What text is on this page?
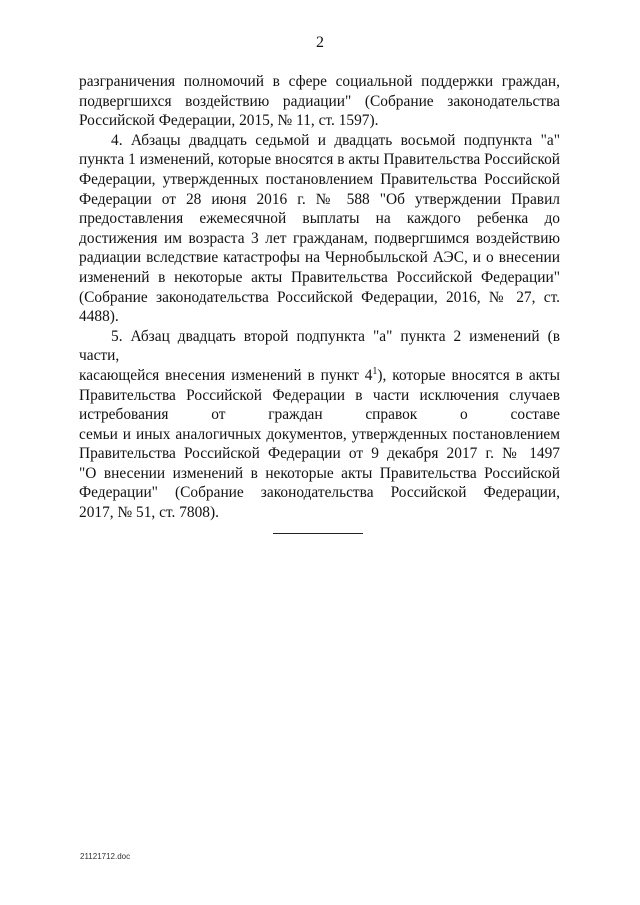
2

разграничения полномочий в сфере социальной поддержки граждан, подвергшихся воздействию радиации" (Собрание законодательства Российской Федерации, 2015, № 11, ст. 1597).

4. Абзацы двадцать седьмой и двадцать восьмой подпункта "а" пункта 1 изменений, которые вносятся в акты Правительства Российской Федерации, утвержденных постановлением Правительства Российской Федерации от 28 июня 2016 г. № 588 "Об утверждении Правил предоставления ежемесячной выплаты на каждого ребенка до достижения им возраста 3 лет гражданам, подвергшимся воздействию радиации вследствие катастрофы на Чернобыльской АЭС, и о внесении изменений в некоторые акты Правительства Российской Федерации" (Собрание законодательства Российской Федерации, 2016, № 27, ст. 4488).

5. Абзац двадцать второй подпункта "а" пункта 2 изменений (в части,
касающейся внесения изменений в пункт $4^1$), которые вносятся в акты
Правительства Российской Федерации в части исключения случаев
истребования от граждан справок о составе
семьи и иных аналогичных документов, утвержденных постановлением
Правительства Российской Федерации от 9 декабря 2017 г. № 1497
"О внесении изменений в некоторые акты Правительства Российской
Федерации" (Собрание законодательства Российской Федерации,
2017, № 51, ст. 7808).
21121712.doc
